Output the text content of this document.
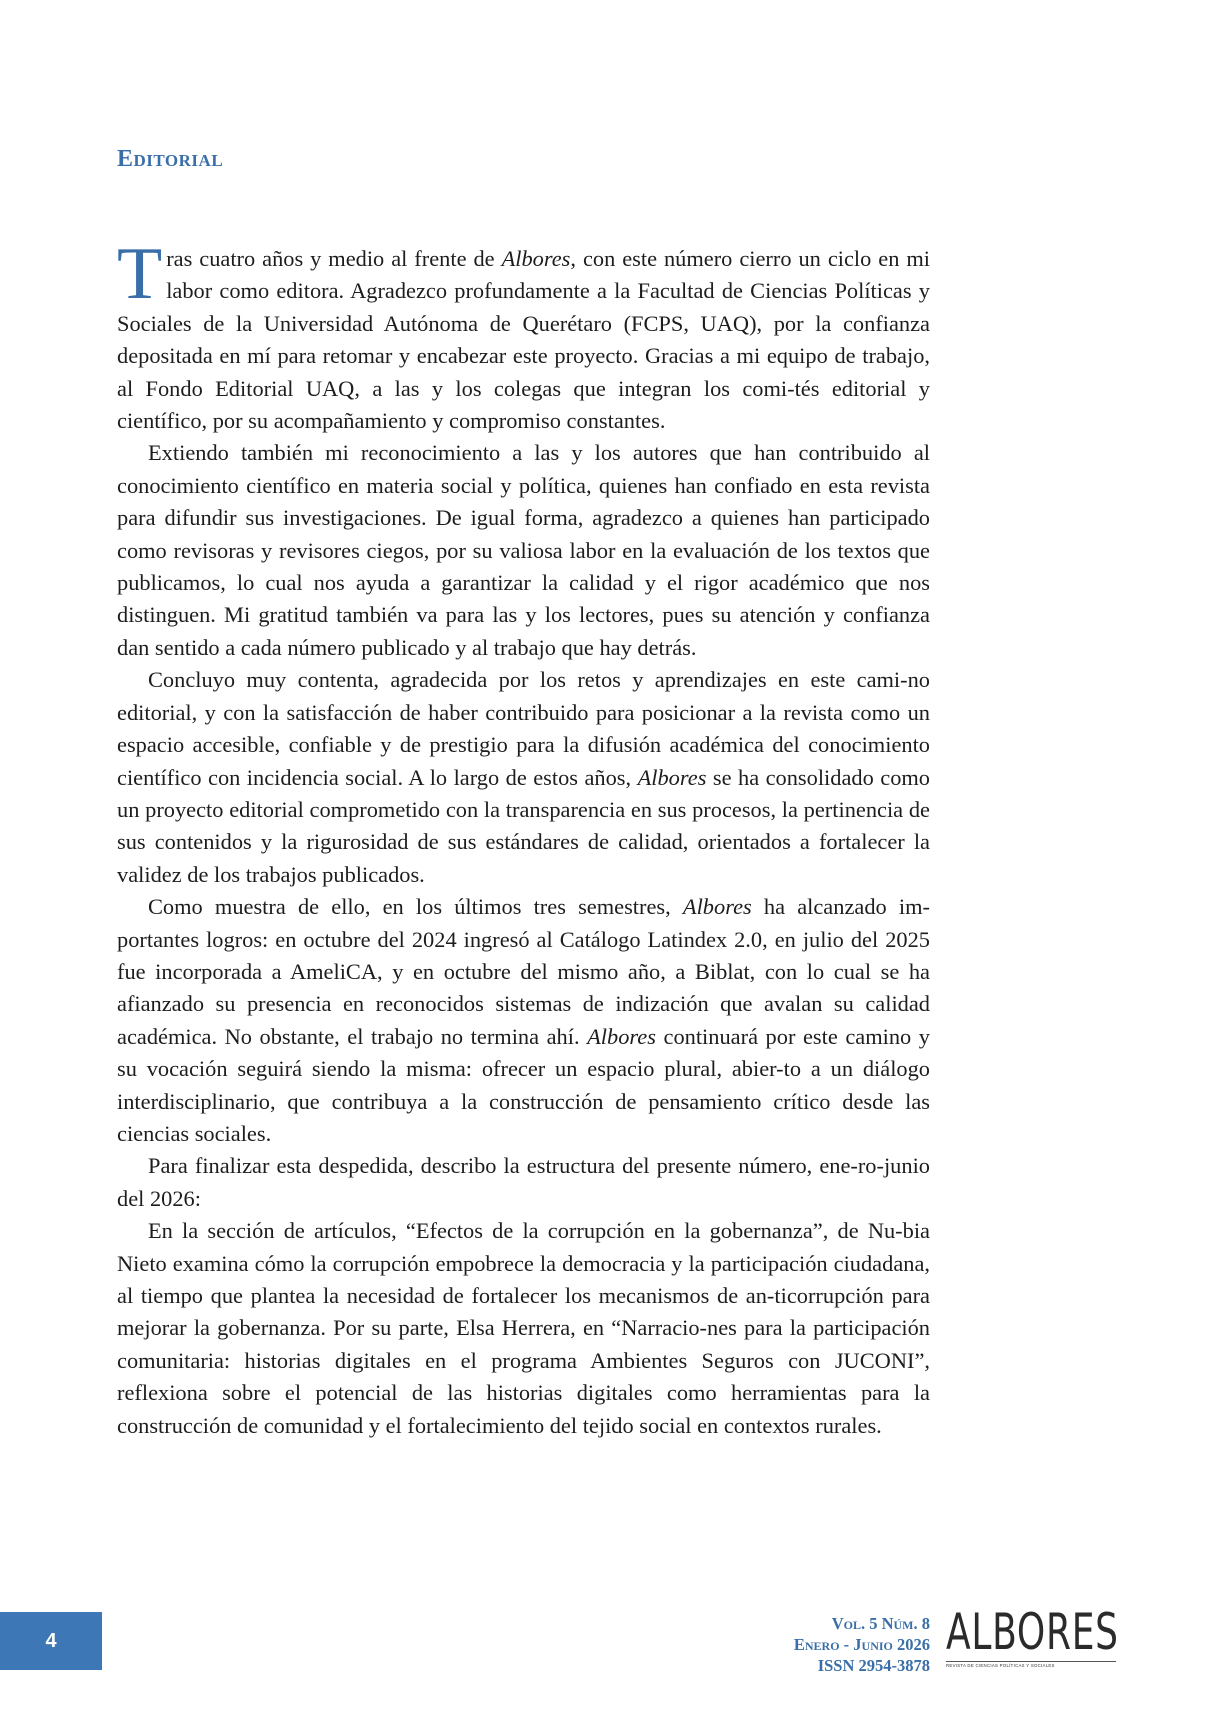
Editorial

Tras cuatro años y medio al frente de Albores, con este número cierro un ciclo en mi labor como editora. Agradezco profundamente a la Facultad de Ciencias Políticas y Sociales de la Universidad Autónoma de Querétaro (FCPS, UAQ), por la confianza depositada en mí para retomar y encabezar este proyecto. Gracias a mi equipo de trabajo, al Fondo Editorial UAQ, a las y los colegas que integran los comi-tés editorial y científico, por su acompañamiento y compromiso constantes.

Extiendo también mi reconocimiento a las y los autores que han contribuido al conocimiento científico en materia social y política, quienes han confiado en esta revista para difundir sus investigaciones. De igual forma, agradezco a quienes han participado como revisoras y revisores ciegos, por su valiosa labor en la evaluación de los textos que publicamos, lo cual nos ayuda a garantizar la calidad y el rigor académico que nos distinguen. Mi gratitud también va para las y los lectores, pues su atención y confianza dan sentido a cada número publicado y al trabajo que hay detrás.

Concluyo muy contenta, agradecida por los retos y aprendizajes en este cami-no editorial, y con la satisfacción de haber contribuido para posicionar a la revista como un espacio accesible, confiable y de prestigio para la difusión académica del conocimiento científico con incidencia social. A lo largo de estos años, Albores se ha consolidado como un proyecto editorial comprometido con la transparencia en sus procesos, la pertinencia de sus contenidos y la rigurosidad de sus estándares de calidad, orientados a fortalecer la validez de los trabajos publicados.

Como muestra de ello, en los últimos tres semestres, Albores ha alcanzado im-portantes logros: en octubre del 2024 ingresó al Catálogo Latindex 2.0, en julio del 2025 fue incorporada a AmeliCA, y en octubre del mismo año, a Biblat, con lo cual se ha afianzado su presencia en reconocidos sistemas de indización que avalan su calidad académica. No obstante, el trabajo no termina ahí. Albores continuará por este camino y su vocación seguirá siendo la misma: ofrecer un espacio plural, abier-to a un diálogo interdisciplinario, que contribuya a la construcción de pensamiento crítico desde las ciencias sociales.

Para finalizar esta despedida, describo la estructura del presente número, ene-ro-junio del 2026:

En la sección de artículos, “Efectos de la corrupción en la gobernanza”, de Nu-bia Nieto examina cómo la corrupción empobrece la democracia y la participación ciudadana, al tiempo que plantea la necesidad de fortalecer los mecanismos de an-ticorrupción para mejorar la gobernanza. Por su parte, Elsa Herrera, en “Narracio-nes para la participación comunitaria: historias digitales en el programa Ambientes Seguros con JUCONI”, reflexiona sobre el potencial de las historias digitales como herramientas para la construcción de comunidad y el fortalecimiento del tejido social en contextos rurales.

4
Vol. 5 Núm. 8
Enero - Junio 2026
ISSN 2954-3878
ALBORES
REVISTA DE CIENCIAS POLÍTICAS Y SOCIALES
